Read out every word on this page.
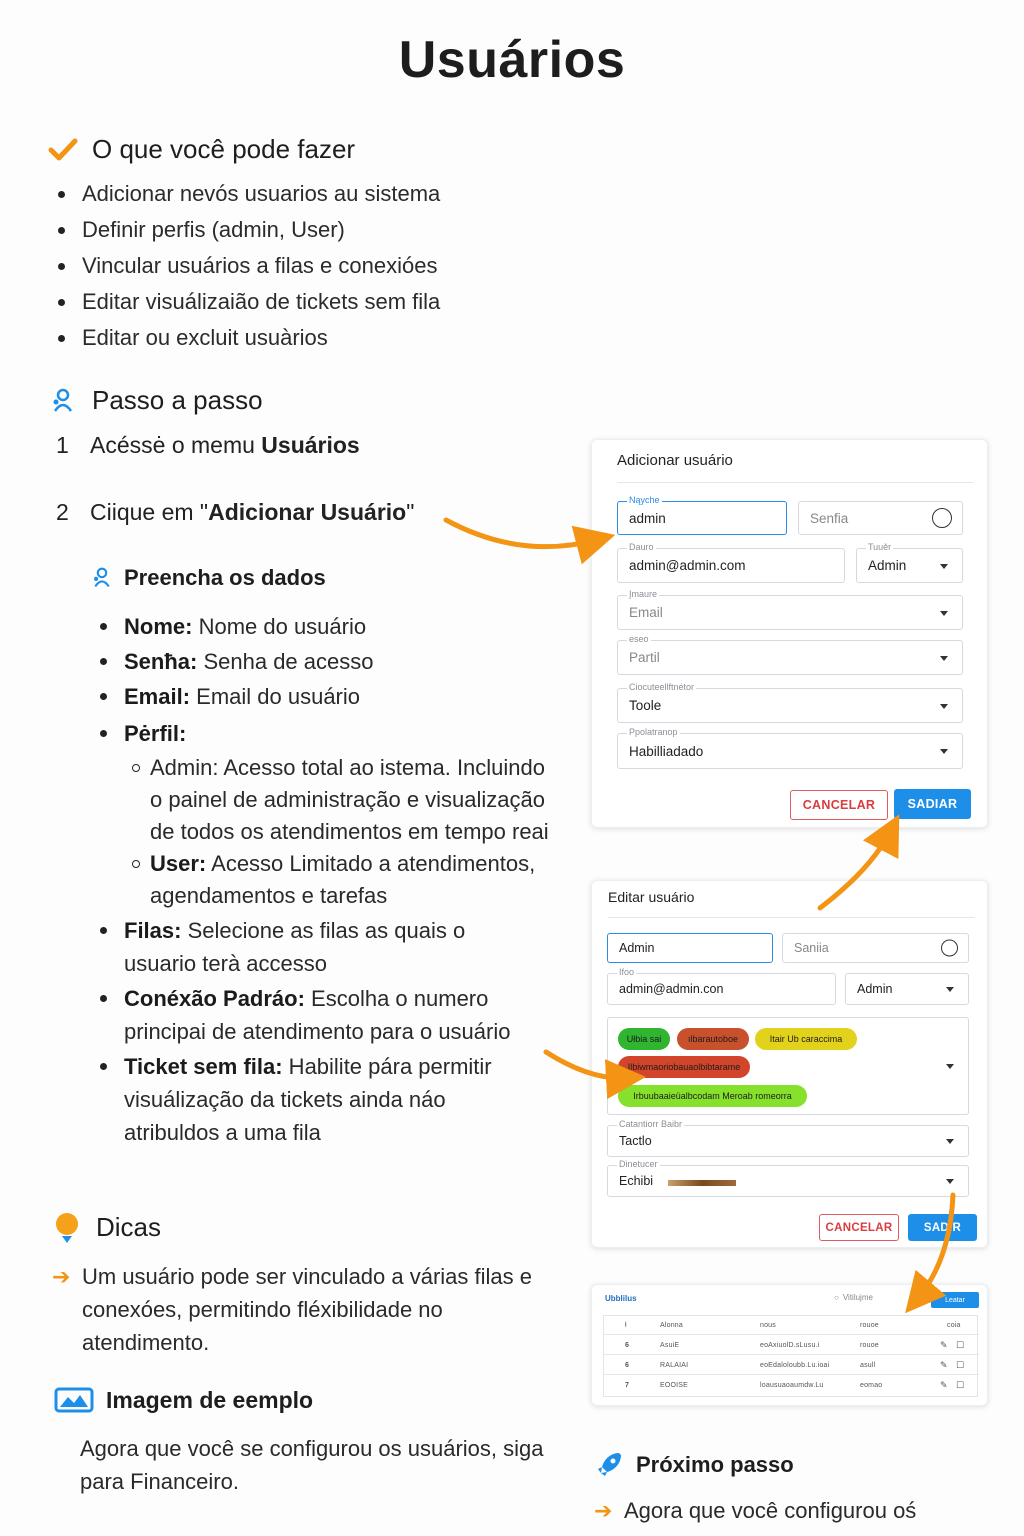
Usuários
O que você pode fazer
Adicionar nevós usuarios au sistema
Definir perfis (admin, User)
Vincular usuários a filas e conexióes
Editar visuálizaião de tickets sem fila
Editar ou excluit usuàrios
Passo a passo
1 Acéssė o memu Usuários
2 Ciique em "Adicionar Usuário"
Preencha os dados
Nome: Nome do usuário
Senħa: Senha de acesso
Email: Email do usuário
Pėrfil:
Admin: Acesso total ao istema. Incluindo o painel de administração e visualização de todos os atendimentos em tempo reai
User: Acesso Limitado a atendimentos, agendamentos e tarefas
Filas: Selecione as filas as quais o usuario terà accesso
Conéxão Padráo: Escolha o numero principai de atendimento para o usuário
Ticket sem fila: Habilite pára permitir visuálização da tickets ainda náo atribuldos a uma fila
Dicas
➔ Um usuário pode ser vinculado a várias filas e conexóes, permitindo fléxibilidade no atendimento.
Imagem de eemplo
Agora que você se configurou os usuários, siga para Financeiro.
Próximo passo
➔ Agora que você configurou oś
Adicionar usuário
Nąyche
admin	Senfia
Dauro
admin@admin.com
Tuuěr
Admin
Įmaure
Email
eseo
Partil
Ciocuteellftnétor
Toole
Ppolatranop
Habilliadado
CANCELAR	SADIAR
Editar usuário
Admin	Saniia
Ifoo
admin@admin.con	Admin
Ułbia sai	ılbarautoboe	Itair Ub caraccima
Ilbiwmaoriobauaolbibtarame
Irbuubaaieüalbcodam Meroab romeorra
Catantiorr Baibr
Tactlo
Dinetucer
Echibi
CANCELAR	SADIR
Ubblilus	○ Vitilujme	Leatar
ł	Alonna	nous	rouoe	coia
6	AsuiE	eoAxiuolD.sLusu.i	rouoe	✎ ☐
6	RALAIAI	eoEdaloloubb.Lu.ioai	asull	✎ ☐
7	EOOISE	loausuaoaumdw.Lu	eomao	✎ ☐
